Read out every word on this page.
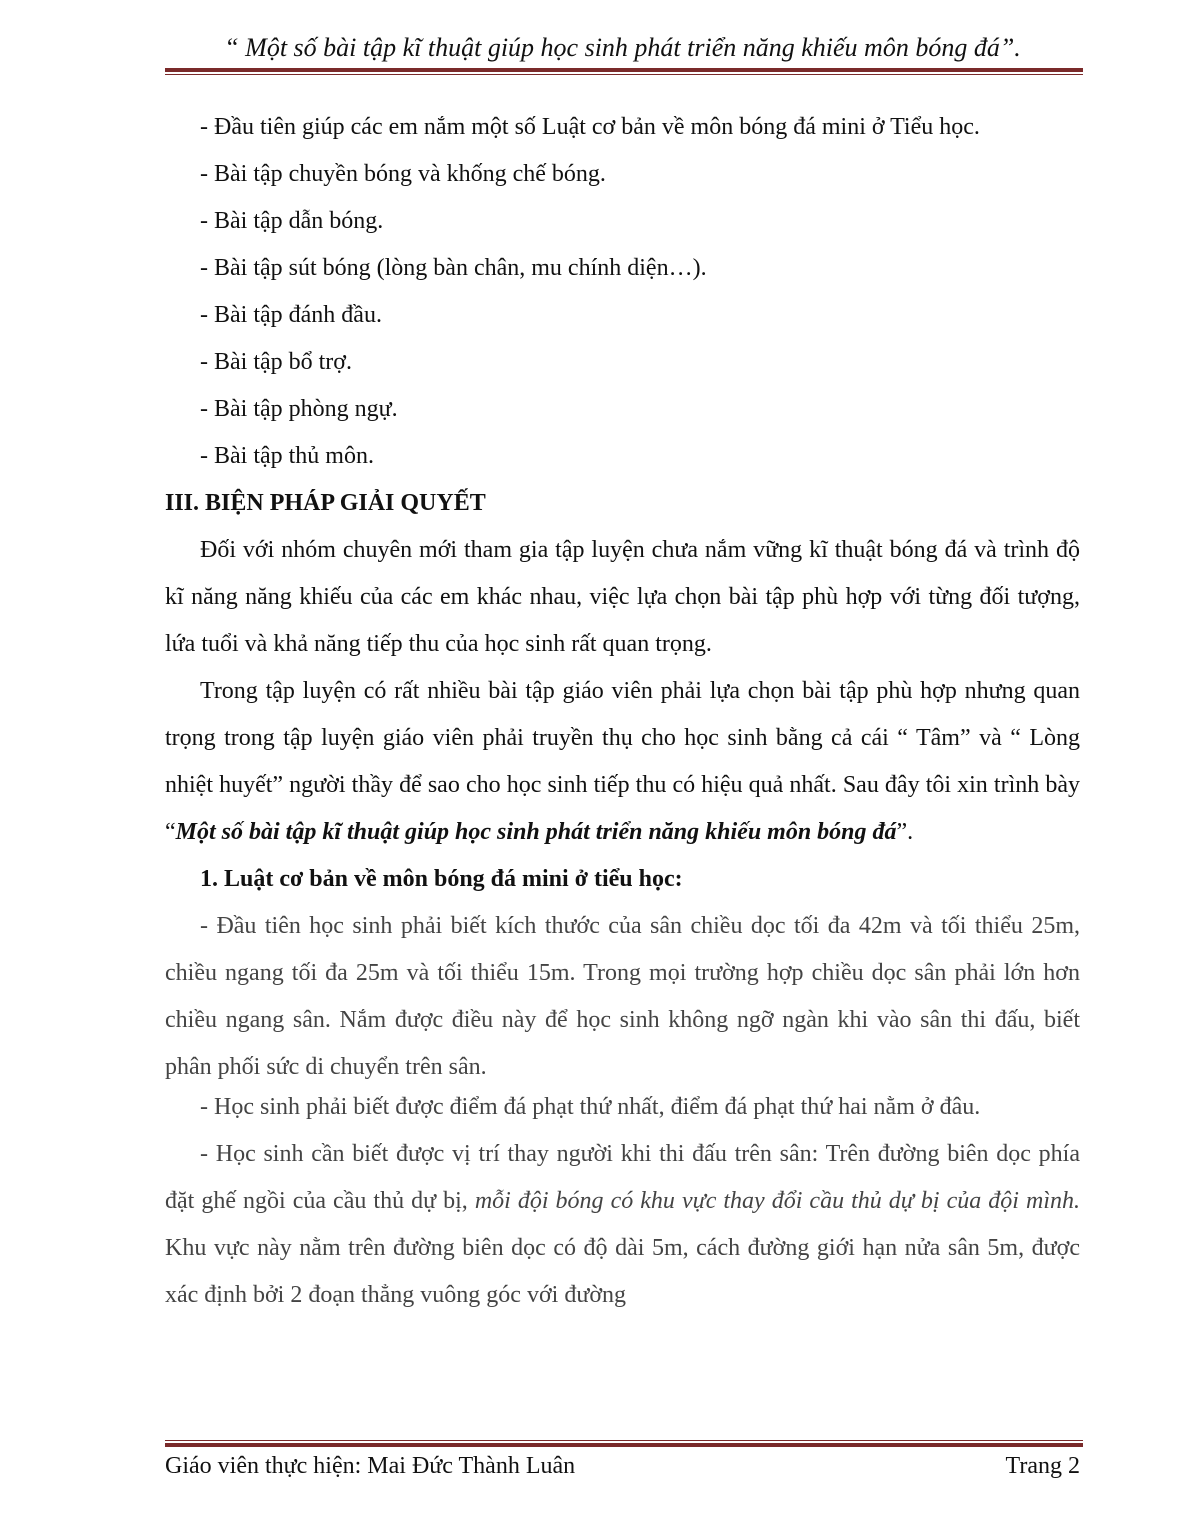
“ Một số bài tập kĩ thuật giúp học sinh phát triển năng khiếu môn bóng đá”.

- Đầu tiên giúp các em nắm một số Luật cơ bản về môn bóng đá mini ở Tiểu học.

- Bài tập chuyền bóng và khống chế bóng.

- Bài tập dẫn bóng.

- Bài tập sút bóng (lòng bàn chân, mu chính diện…).

- Bài tập đánh đầu.

- Bài tập bổ trợ.

- Bài tập phòng ngự.

- Bài tập thủ môn.

III. BIỆN PHÁP GIẢI QUYẾT

Đối với nhóm chuyên mới tham gia tập luyện chưa nắm vững kĩ thuật bóng đá và trình độ kĩ năng năng khiếu của các em khác nhau, việc lựa chọn bài tập phù hợp với từng đối tượng, lứa tuổi và khả năng tiếp thu của học sinh rất quan trọng.

Trong tập luyện có rất nhiều bài tập giáo viên phải lựa chọn bài tập phù hợp nhưng quan trọng trong tập luyện giáo viên phải truyền thụ cho học sinh bằng cả cái “ Tâm” và “ Lòng nhiệt huyết” người thầy để sao cho học sinh tiếp thu có hiệu quả nhất. Sau đây tôi xin trình bày “Một số bài tập kĩ thuật giúp học sinh phát triển năng khiếu môn bóng đá”.

1. Luật cơ bản về môn bóng đá mini ở tiểu học:

- Đầu tiên học sinh phải biết kích thước của sân chiều dọc tối đa 42m và tối thiểu 25m, chiều ngang tối đa 25m và tối thiểu 15m. Trong mọi trường hợp chiều dọc sân phải lớn hơn chiều ngang sân. Nắm được điều này để học sinh không ngỡ ngàn khi vào sân thi đấu, biết phân phối sức di chuyển trên sân.

- Học sinh phải biết được điểm đá phạt thứ nhất, điểm đá phạt thứ hai nằm ở đâu.

- Học sinh cần biết được vị trí thay người khi thi đấu trên sân: Trên đường biên dọc phía đặt ghế ngồi của cầu thủ dự bị, mỗi đội bóng có khu vực thay đổi cầu thủ dự bị của đội mình. Khu vực này nằm trên đường biên dọc có độ dài 5m, cách đường giới hạn nửa sân 5m, được xác định bởi 2 đoạn thẳng vuông góc với đường

Giáo viên thực hiện: Mai Đức Thành Luân	Trang 2
